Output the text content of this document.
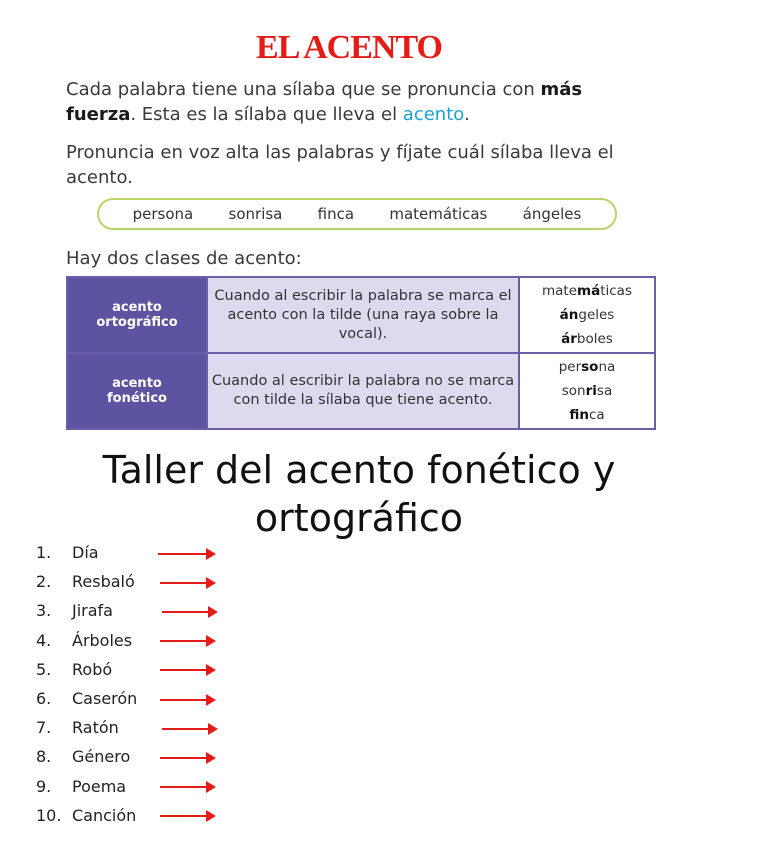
EL ACENTO
Cada palabra tiene una sílaba que se pronuncia con más fuerza. Esta es la sílaba que lleva el acento.
Pronuncia en voz alta las palabras y fíjate cuál sílaba lleva el acento.
persona sonrisa finca matemáticas ángeles
Hay dos clases de acento:
acento
ortográfico	Cuando al escribir la palabra se marca el acento con la tilde (una raya sobre la vocal).	matemáticas
ángeles
árboles
acento
fonético	Cuando al escribir la palabra no se marca con tilde la sílaba que tiene acento.	persona
sonrisa
finca
Taller del acento fonético y
ortográfico
1.	Día
2.	Resbaló
3.	Jirafa
4.	Árboles
5.	Robó
6.	Caserón
7.	Ratón
8.	Género
9.	Poema
10. Canción
